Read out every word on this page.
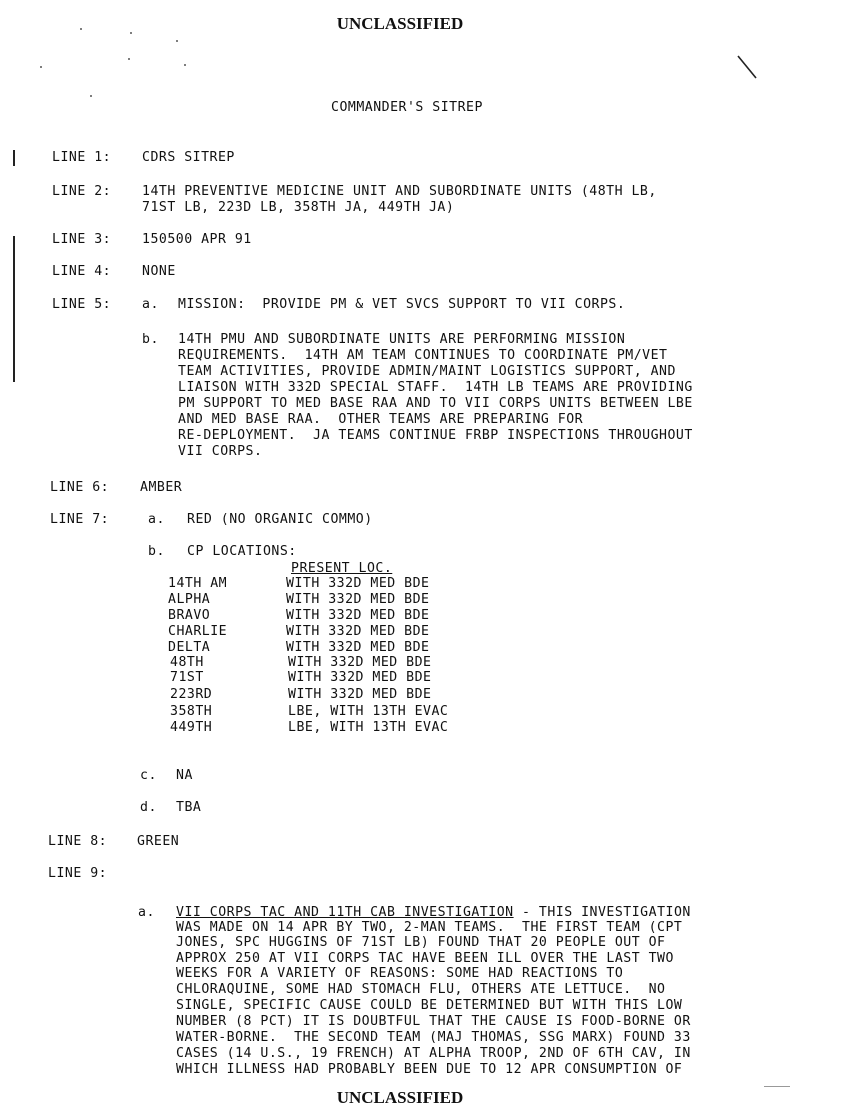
UNCLASSIFIED
COMMANDER'S SITREP
LINE 1: CDRS SITREP
LINE 2: 14TH PREVENTIVE MEDICINE UNIT AND SUBORDINATE UNITS (48TH LB,
71ST LB, 223D LB, 358TH JA, 449TH JA)
LINE 3: 150500 APR 91
LINE 4: NONE
LINE 5: a. MISSION:  PROVIDE PM & VET SVCS SUPPORT TO VII CORPS.
b. 14TH PMU AND SUBORDINATE UNITS ARE PERFORMING MISSION
REQUIREMENTS.  14TH AM TEAM CONTINUES TO COORDINATE PM/VET
TEAM ACTIVITIES, PROVIDE ADMIN/MAINT LOGISTICS SUPPORT, AND
LIAISON WITH 332D SPECIAL STAFF.  14TH LB TEAMS ARE PROVIDING
PM SUPPORT TO MED BASE RAA AND TO VII CORPS UNITS BETWEEN LBE
AND MED BASE RAA.  OTHER TEAMS ARE PREPARING FOR
RE-DEPLOYMENT.  JA TEAMS CONTINUE FRBP INSPECTIONS THROUGHOUT
VII CORPS.
LINE 6: AMBER
LINE 7:	a. RED (NO ORGANIC COMMO)
b. CP LOCATIONS:
PRESENT LOC.
14TH AM	WITH 332D MED BDE
ALPHA	WITH 332D MED BDE
BRAVO	WITH 332D MED BDE
CHARLIE	WITH 332D MED BDE
DELTA	WITH 332D MED BDE
48TH	WITH 332D MED BDE
71ST	WITH 332D MED BDE
223RD	WITH 332D MED BDE
358TH	LBE, WITH 13TH EVAC
449TH	LBE, WITH 13TH EVAC
c. NA
d. TBA
LINE 8: GREEN
LINE 9:
a. VII CORPS TAC AND 11TH CAB INVESTIGATION - THIS INVESTIGATION
WAS MADE ON 14 APR BY TWO, 2-MAN TEAMS.  THE FIRST TEAM (CPT
JONES, SPC HUGGINS OF 71ST LB) FOUND THAT 20 PEOPLE OUT OF
APPROX 250 AT VII CORPS TAC HAVE BEEN ILL OVER THE LAST TWO
WEEKS FOR A VARIETY OF REASONS: SOME HAD REACTIONS TO
CHLORAQUINE, SOME HAD STOMACH FLU, OTHERS ATE LETTUCE.  NO
SINGLE, SPECIFIC CAUSE COULD BE DETERMINED BUT WITH THIS LOW
NUMBER (8 PCT) IT IS DOUBTFUL THAT THE CAUSE IS FOOD-BORNE OR
WATER-BORNE.  THE SECOND TEAM (MAJ THOMAS, SSG MARX) FOUND 33
CASES (14 U.S., 19 FRENCH) AT ALPHA TROOP, 2ND OF 6TH CAV, IN
WHICH ILLNESS HAD PROBABLY BEEN DUE TO 12 APR CONSUMPTION OF
UNCLASSIFIED
